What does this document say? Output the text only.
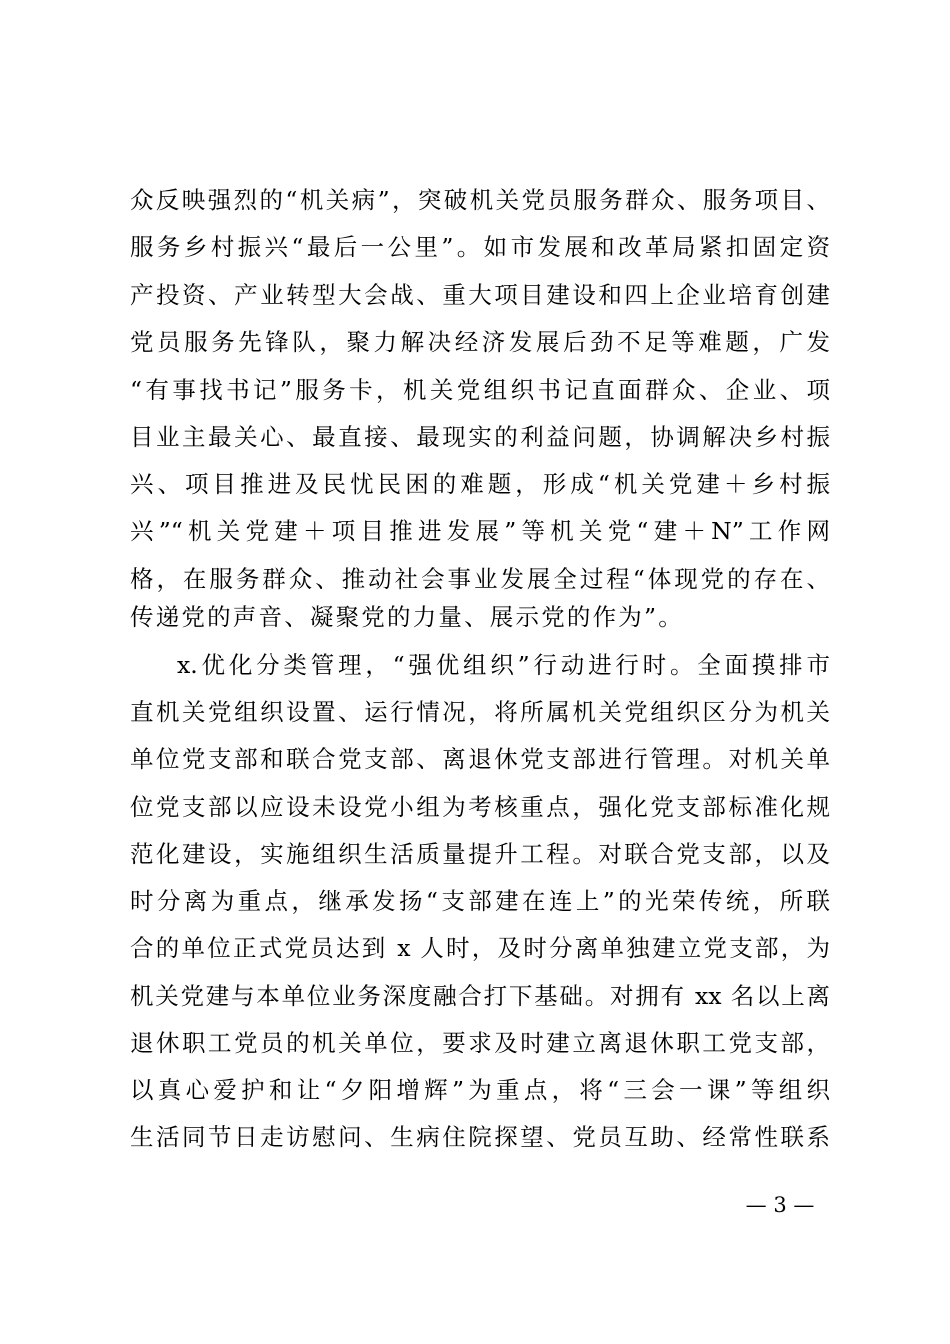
众反映强烈的“机关病”，突破机关党员服务群众、服务项目、
服务乡村振兴“最后一公里”。如市发展和改革局紧扣固定资
产投资、产业转型大会战、重大项目建设和四上企业培育创建
党员服务先锋队，聚力解决经济发展后劲不足等难题，广发
“有事找书记”服务卡，机关党组织书记直面群众、企业、项
目业主最关心、最直接、最现实的利益问题，协调解决乡村振
兴、项目推进及民忧民困的难题，形成“机关党建＋乡村振
兴”“机关党建＋项目推进发展”等机关党“建＋N”工作网
格，在服务群众、推动社会事业发展全过程“体现党的存在、
传递党的声音、凝聚党的力量、展示党的作为”。
x.优化分类管理，“强优组织”行动进行时。全面摸排市
直机关党组织设置、运行情况，将所属机关党组织区分为机关
单位党支部和联合党支部、离退休党支部进行管理。对机关单
位党支部以应设未设党小组为考核重点，强化党支部标准化规
范化建设，实施组织生活质量提升工程。对联合党支部，以及
时分离为重点，继承发扬“支部建在连上”的光荣传统，所联
合的单位正式党员达到 x 人时，及时分离单独建立党支部，为
机关党建与本单位业务深度融合打下基础。对拥有 xx 名以上离
退休职工党员的机关单位，要求及时建立离退休职工党支部，
以真心爱护和让“夕阳增辉”为重点，将“三会一课”等组织
生活同节日走访慰问、生病住院探望、党员互助、经常性联系
— 3 —
